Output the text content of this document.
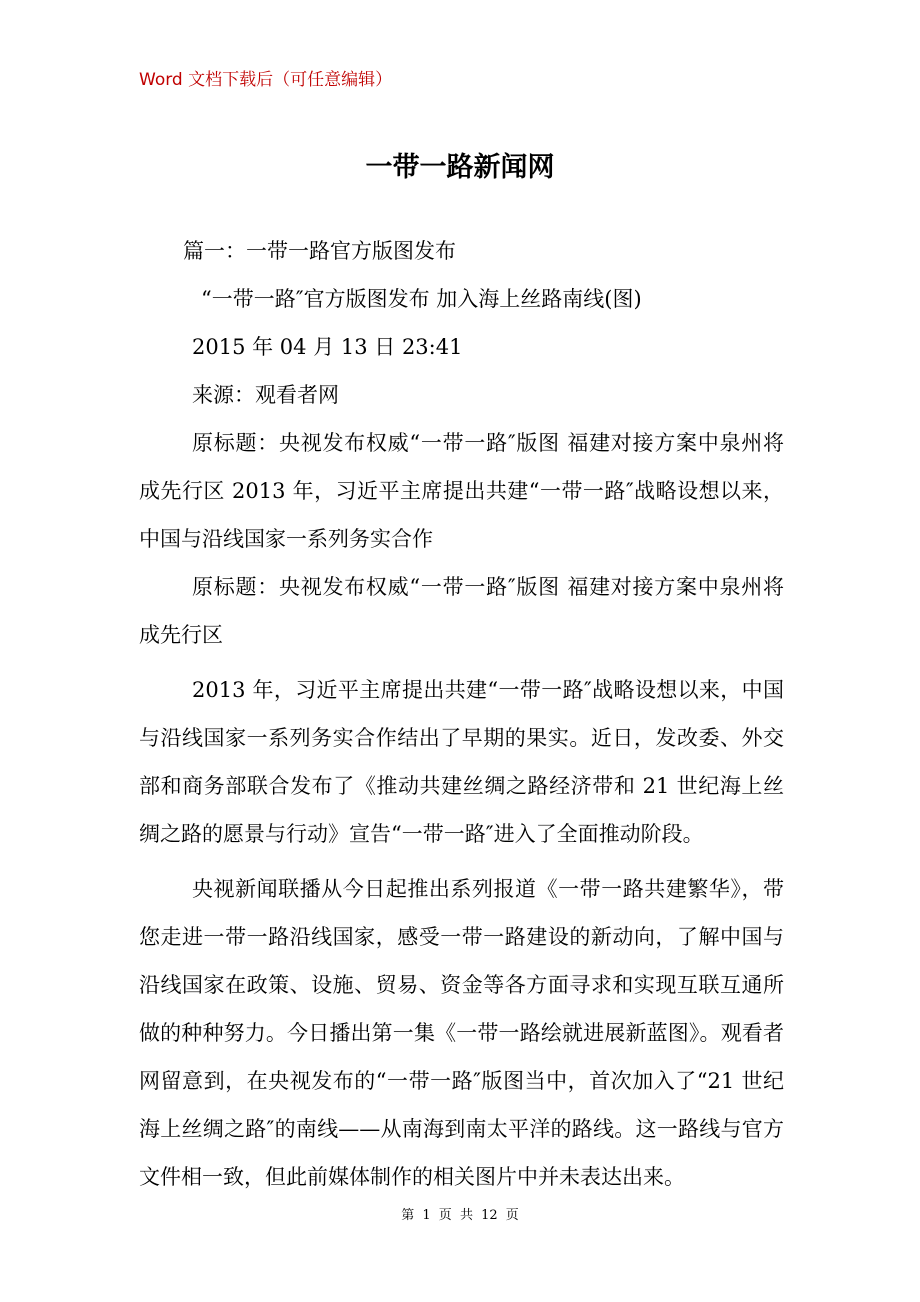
Word 文档下载后（可任意编辑）
一带一路新闻网

篇一：一带一路官方版图发布

“一带一路″官方版图发布 加入海上丝路南线(图)

2015 年 04 月 13 日 23:41

来源：观看者网

原标题：央视发布权威“一带一路″版图 福建对接方案中泉州将成先行区 2013 年，习近平主席提出共建“一带一路″战略设想以来，中国与沿线国家一系列务实合作

原标题：央视发布权威“一带一路″版图 福建对接方案中泉州将成先行区

2013 年，习近平主席提出共建“一带一路″战略设想以来，中国与沿线国家一系列务实合作结出了早期的果实。近日，发改委、外交部和商务部联合发布了《推动共建丝绸之路经济带和 21 世纪海上丝绸之路的愿景与行动》宣告“一带一路″进入了全面推动阶段。

央视新闻联播从今日起推出系列报道《一带一路共建繁华》，带您走进一带一路沿线国家，感受一带一路建设的新动向，了解中国与沿线国家在政策、设施、贸易、资金等各方面寻求和实现互联互通所做的种种努力。今日播出第一集《一带一路绘就进展新蓝图》。观看者网留意到，在央视发布的“一带一路″版图当中，首次加入了“21 世纪海上丝绸之路″的南线——从南海到南太平洋的路线。这一路线与官方文件相一致，但此前媒体制作的相关图片中并未表达出来。

第 1 页 共 12 页
